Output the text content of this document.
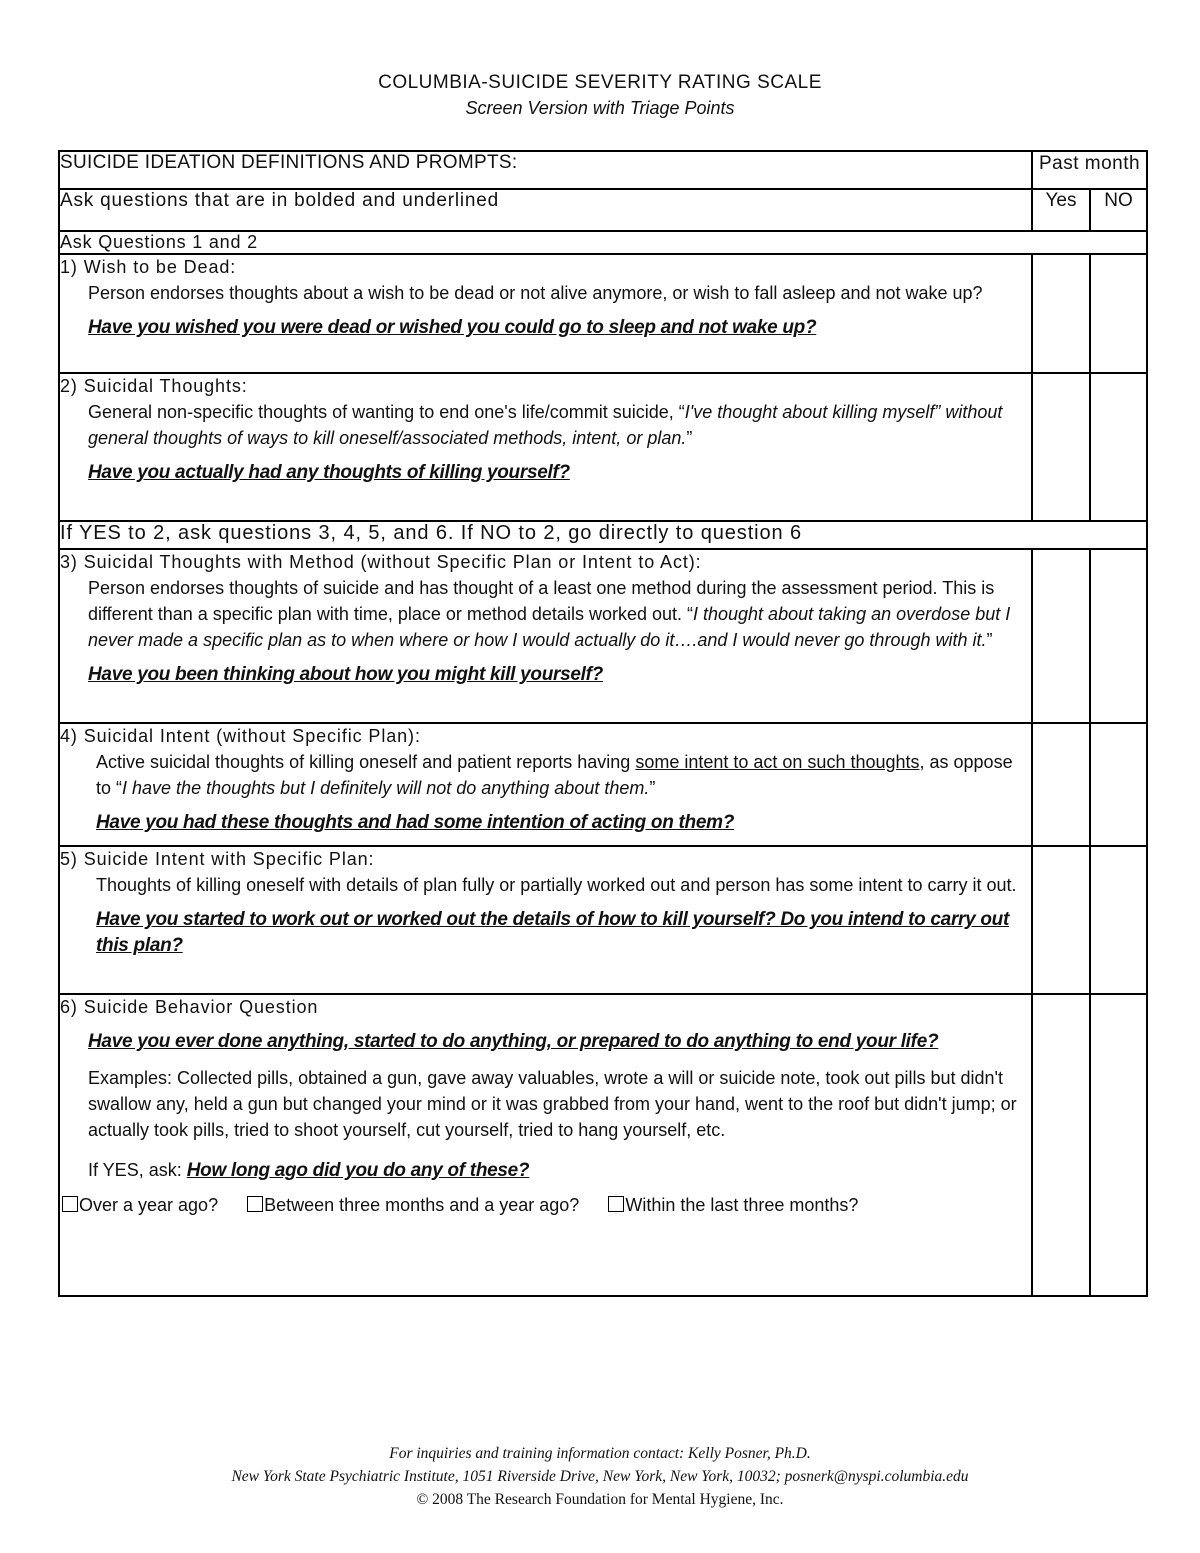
COLUMBIA-SUICIDE SEVERITY RATING SCALE
Screen Version with Triage Points
SUICIDE IDEATION DEFINITIONS AND PROMPTS:	Past month	
Ask questions that are in bolded and underlined	Yes	NO
Ask Questions 1 and 2		

1) Wish to be Dead:
Person endorses thoughts about a wish to be dead or not alive anymore, or wish to fall asleep and not wake up?
Have you wished you were dead or wished you could go to sleep and not wake up?		

2) Suicidal Thoughts:
General non-specific thoughts of wanting to end one's life/commit suicide, “I've thought about killing myself” without general thoughts of ways to kill oneself/associated methods, intent, or plan.”
Have you actually had any thoughts of killing yourself?		

If YES to 2, ask questions 3, 4, 5, and 6. If NO to 2, go directly to question 6		

3) Suicidal Thoughts with Method (without Specific Plan or Intent to Act):
Person endorses thoughts of suicide and has thought of a least one method during the assessment period. This is different than a specific plan with time, place or method details worked out. “I thought about taking an overdose but I never made a specific plan as to when where or how I would actually do it….and I would never go through with it.”
Have you been thinking about how you might kill yourself?		

4) Suicidal Intent (without Specific Plan):
Active suicidal thoughts of killing oneself and patient reports having some intent to act on such thoughts, as oppose to “I have the thoughts but I definitely will not do anything about them.”
Have you had these thoughts and had some intention of acting on them?		

5) Suicide Intent with Specific Plan:
Thoughts of killing oneself with details of plan fully or partially worked out and person has some intent to carry it out.
Have you started to work out or worked out the details of how to kill yourself? Do you intend to carry out this plan?		

6) Suicide Behavior Question
Have you ever done anything, started to do anything, or prepared to do anything to end your life?
Examples: Collected pills, obtained a gun, gave away valuables, wrote a will or suicide note, took out pills but didn't swallow any, held a gun but changed your mind or it was grabbed from your hand, went to the roof but didn't jump; or actually took pills, tried to shoot yourself, cut yourself, tried to hang yourself, etc.
If YES, ask: How long ago did you do any of these?
Over a year ago? Between three months and a year ago? Within the last three months?		

For inquiries and training information contact: Kelly Posner, Ph.D.
New York State Psychiatric Institute, 1051 Riverside Drive, New York, New York, 10032; posnerk@nyspi.columbia.edu
© 2008 The Research Foundation for Mental Hygiene, Inc.
